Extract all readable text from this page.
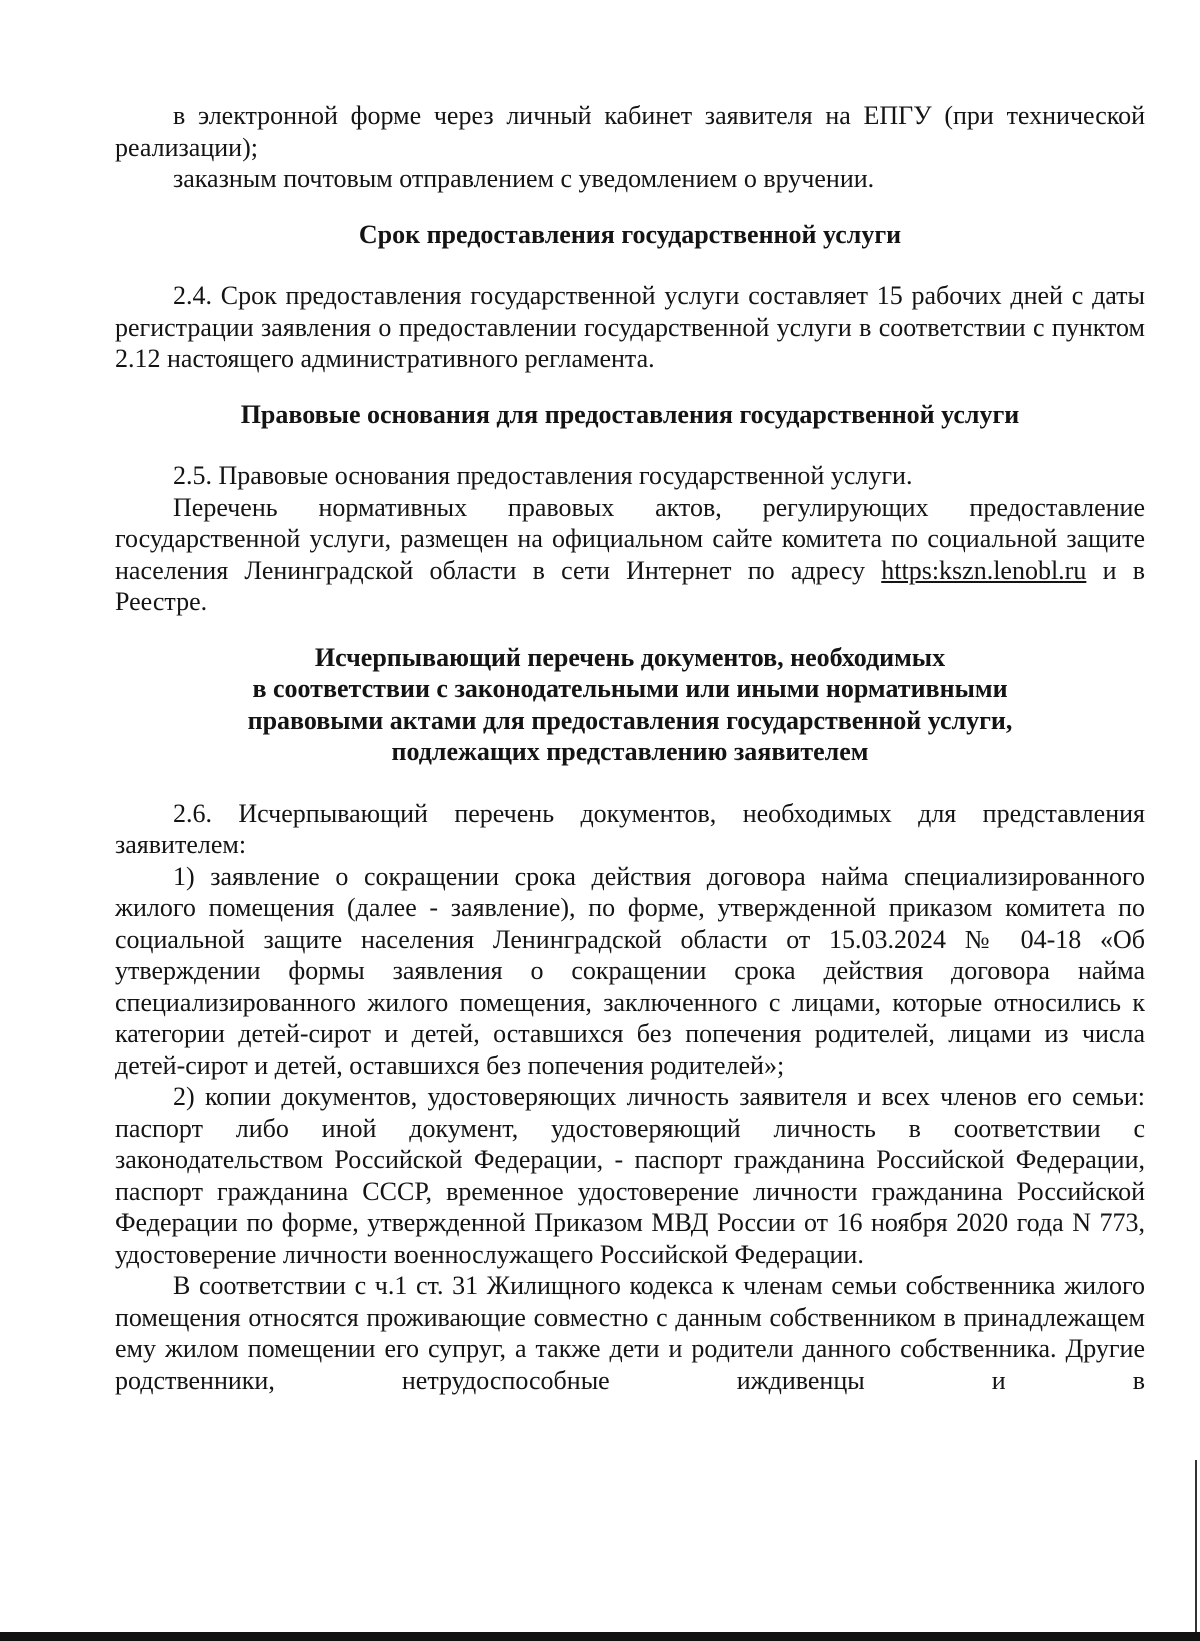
в электронной форме через личный кабинет заявителя на ЕПГУ (при технической реализации);

заказным почтовым отправлением с уведомлением о вручении.

Срок предоставления государственной услуги

2.4. Срок предоставления государственной услуги составляет 15 рабочих дней с даты регистрации заявления о предоставлении государственной услуги в соответствии с пунктом 2.12 настоящего административного регламента.

Правовые основания для предоставления государственной услуги

2.5. Правовые основания предоставления государственной услуги.

Перечень нормативных правовых актов, регулирующих предоставление государственной услуги, размещен на официальном сайте комитета по социальной защите населения Ленинградской области в сети Интернет по адресу https:kszn.lenobl.ru и в Реестре.

Исчерпывающий перечень документов, необходимых
в соответствии с законодательными или иными нормативными
правовыми актами для предоставления государственной услуги,
подлежащих представлению заявителем

2.6. Исчерпывающий перечень документов, необходимых для представления заявителем:

1) заявление о сокращении срока действия договора найма специализированного жилого помещения (далее - заявление), по форме, утвержденной приказом комитета по социальной защите населения Ленинградской области от 15.03.2024 № 04-18 «Об утверждении формы заявления о сокращении срока действия договора найма специализированного жилого помещения, заключенного с лицами, которые относились к категории детей-сирот и детей, оставшихся без попечения родителей, лицами из числа детей-сирот и детей, оставшихся без попечения родителей»;

2) копии документов, удостоверяющих личность заявителя и всех членов его семьи: паспорт либо иной документ, удостоверяющий личность в соответствии с законодательством Российской Федерации, - паспорт гражданина Российской Федерации, паспорт гражданина СССР, временное удостоверение личности гражданина Российской Федерации по форме, утвержденной Приказом МВД России от 16 ноября 2020 года N 773, удостоверение личности военнослужащего Российской Федерации.

В соответствии с ч.1 ст. 31 Жилищного кодекса к членам семьи собственника жилого помещения относятся проживающие совместно с данным собственником в принадлежащем ему жилом помещении его супруг, а также дети и родители данного собственника. Другие родственники, нетрудоспособные иждивенцы и в
